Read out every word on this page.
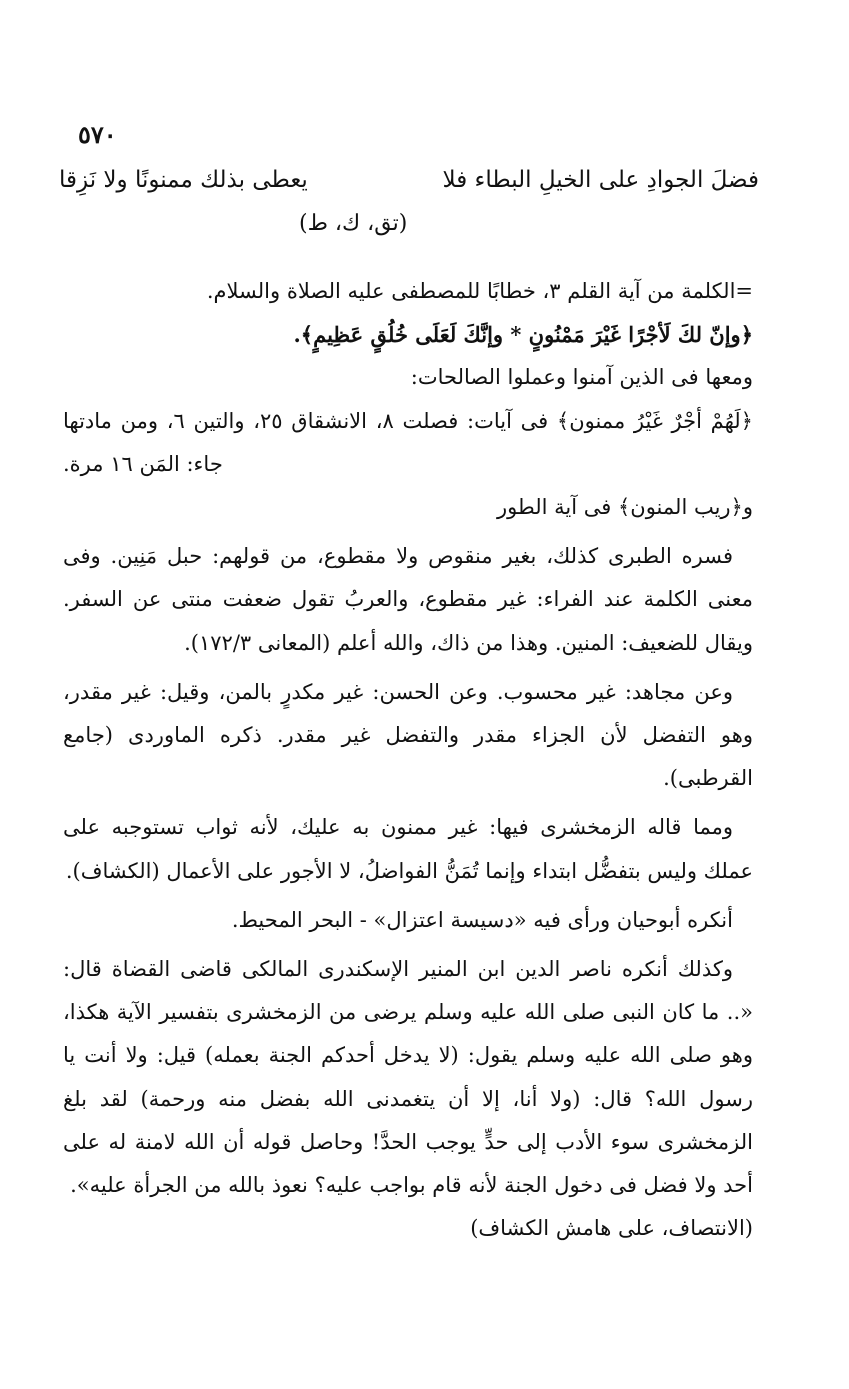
٥٧٠
فضلَ الجوادِ على الخيلِ البطاء فلا
يعطى بذلك ممنونًا ولا نَزِقا
(تق، ك، ط)

=الكلمة من آية القلم ٣، خطابًا للمصطفى عليه الصلاة والسلام.

﴿وإنّ لكَ لَأجْرًا غَيْرَ مَمْنُونٍ * وإنَّكَ لَعَلَى خُلُقٍ عَظِيمٍ﴾.

ومعها فى الذين آمنوا وعملوا الصالحات:

﴿لَهُمْ أجْرٌ غَيْرُ ممنون﴾ فى آيات: فصلت ٨، الانشقاق ٢٥، والتين ٦، ومن مادتها جاء: المَن ١٦ مرة.

و﴿ريب المنون﴾ فى آية الطور

فسره الطبرى كذلك، بغير منقوص ولا مقطوع، من قولهم: حبل مَنِين. وفى معنى الكلمة عند الفراء: غير مقطوع، والعربُ تقول ضعفت منتى عن السفر. ويقال للضعيف: المنين. وهذا من ذاك، والله أعلم (المعانى ١٧٢/٣).

وعن مجاهد: غير محسوب. وعن الحسن: غير مكدرٍ بالمن، وقيل: غير مقدر، وهو التفضل لأن الجزاء مقدر والتفضل غير مقدر. ذكره الماوردى (جامع القرطبى).

ومما قاله الزمخشرى فيها: غير ممنون به عليك، لأنه ثواب تستوجبه على عملك وليس بتفضُّل ابتداء وإنما تُمَنُّ الفواضلُ، لا الأجور على الأعمال (الكشاف).

أنكره أبوحيان ورأى فيه «دسيسة اعتزال» - البحر المحيط.

وكذلك أنكره ناصر الدين ابن المنير الإسكندرى المالكى قاضى القضاة قال: «.. ما كان النبى صلى الله عليه وسلم يرضى من الزمخشرى بتفسير الآية هكذا، وهو صلى الله عليه وسلم يقول: (لا يدخل أحدكم الجنة بعمله) قيل: ولا أنت يا رسول الله؟ قال: (ولا أنا، إلا أن يتغمدنى الله بفضل منه ورحمة) لقد بلغ الزمخشرى سوء الأدب إلى حدٍّ يوجب الحدَّ! وحاصل قوله أن الله لامنة له على أحد ولا فضل فى دخول الجنة لأنه قام بواجب عليه؟ نعوذ بالله من الجرأة عليه».

(الانتصاف، على هامش الكشاف)
